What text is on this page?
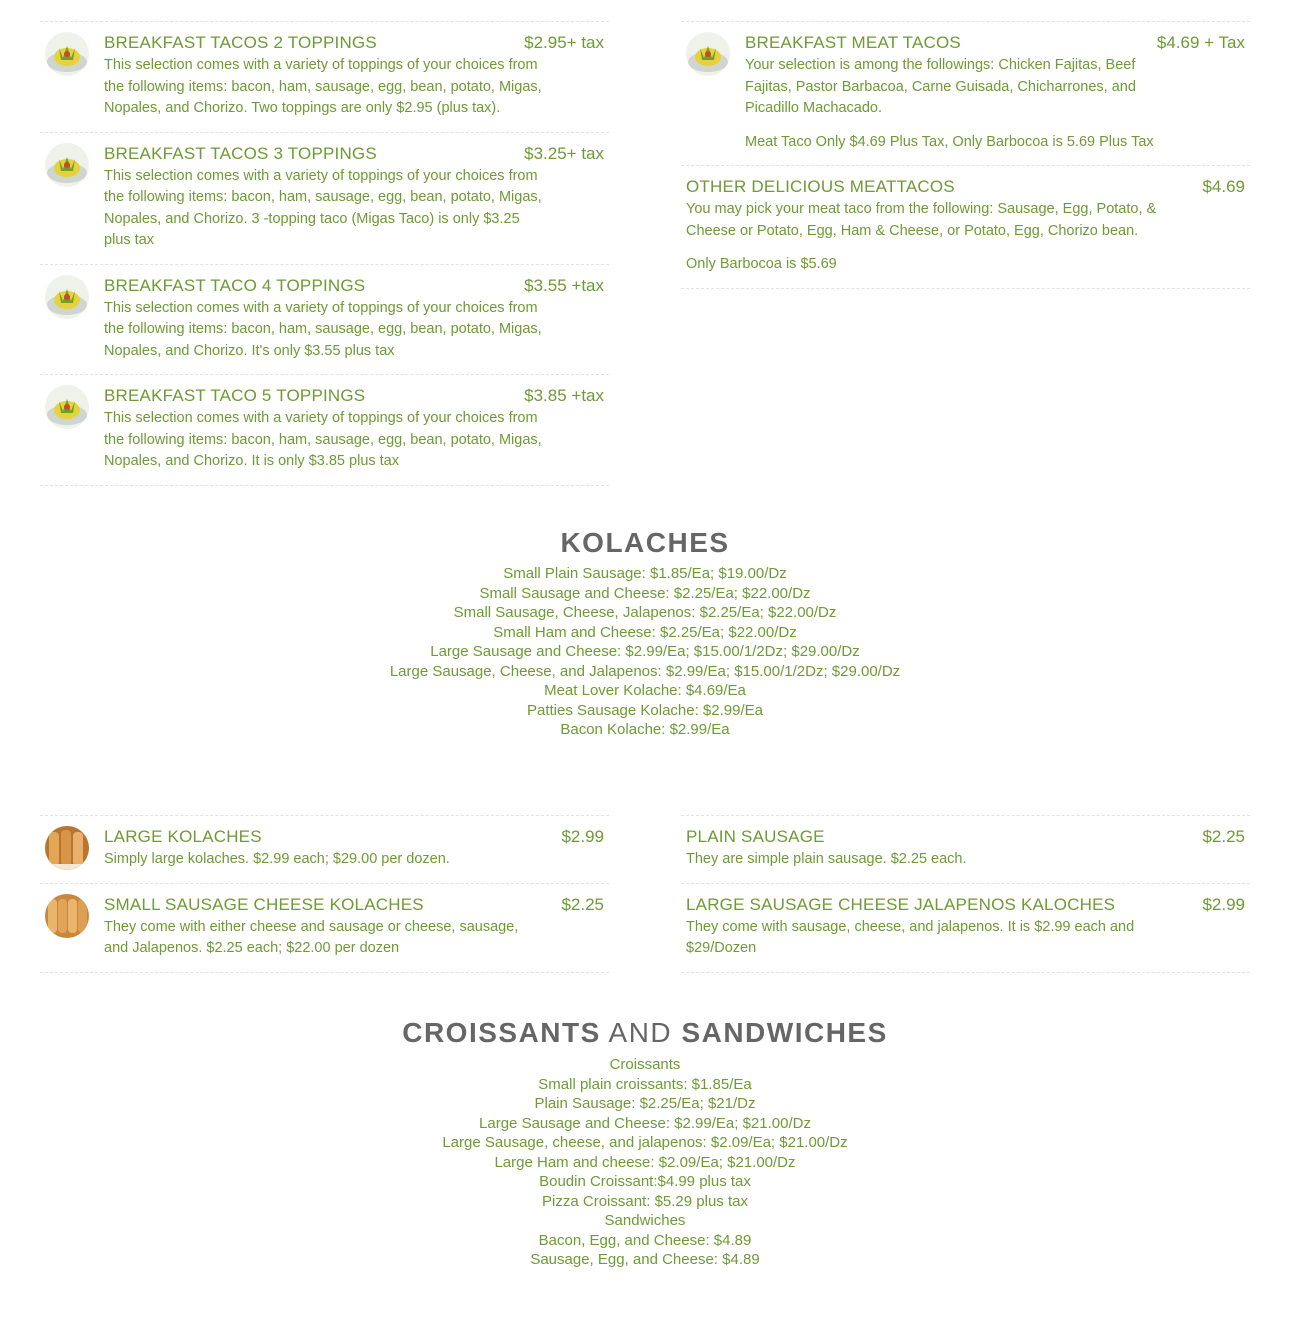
BREAKFAST TACOS 2 TOPPINGS	$2.95+ tax
This selection comes with a variety of toppings of your choices from the following items: bacon, ham, sausage, egg, bean, potato, Migas, Nopales, and Chorizo. Two toppings are only $2.95 (plus tax).
BREAKFAST TACOS 3 TOPPINGS	$3.25+ tax
This selection comes with a variety of toppings of your choices from the following items: bacon, ham, sausage, egg, bean, potato, Migas, Nopales, and Chorizo. 3 -topping taco (Migas Taco) is only $3.25 plus tax
BREAKFAST TACO 4 TOPPINGS	$3.55 +tax
This selection comes with a variety of toppings of your choices from the following items: bacon, ham, sausage, egg, bean, potato, Migas, Nopales, and Chorizo. It's only $3.55 plus tax
BREAKFAST TACO 5 TOPPINGS	$3.85 +tax
This selection comes with a variety of toppings of your choices from the following items: bacon, ham, sausage, egg, bean, potato, Migas, Nopales, and Chorizo. It is only $3.85 plus tax
BREAKFAST MEAT TACOS	$4.69 + Tax
Your selection is among the followings: Chicken Fajitas, Beef Fajitas, Pastor Barbacoa, Carne Guisada, Chicharrones, and Picadillo Machacado.
Meat Taco Only $4.69 Plus Tax, Only Barbocoa is 5.69 Plus Tax
OTHER DELICIOUS MEATTACOS	$4.69
You may pick your meat taco from the following: Sausage, Egg, Potato, & Cheese or Potato, Egg, Ham & Cheese, or Potato, Egg, Chorizo bean.
Only Barbocoa is $5.69
KOLACHES
Small Plain Sausage: $1.85/Ea; $19.00/Dz
Small Sausage and Cheese: $2.25/Ea; $22.00/Dz
Small Sausage, Cheese, Jalapenos: $2.25/Ea; $22.00/Dz
Small Ham and Cheese: $2.25/Ea; $22.00/Dz
Large Sausage and Cheese: $2.99/Ea; $15.00/1/2Dz; $29.00/Dz
Large Sausage, Cheese, and Jalapenos: $2.99/Ea; $15.00/1/2Dz; $29.00/Dz
Meat Lover Kolache: $4.69/Ea
Patties Sausage Kolache: $2.99/Ea
Bacon Kolache: $2.99/Ea
LARGE KOLACHES	$2.99
Simply large kolaches. $2.99 each; $29.00 per dozen.
SMALL SAUSAGE CHEESE KOLACHES	$2.25
They come with either cheese and sausage or cheese, sausage, and Jalapenos. $2.25 each; $22.00 per dozen
PLAIN SAUSAGE	$2.25
They are simple plain sausage. $2.25 each.
LARGE SAUSAGE CHEESE JALAPENOS KALOCHES	$2.99
They come with sausage, cheese, and jalapenos. It is $2.99 each and $29/Dozen
CROISSANTS AND SANDWICHES
Croissants
Small plain croissants: $1.85/Ea
Plain Sausage: $2.25/Ea; $21/Dz
Large Sausage and Cheese: $2.99/Ea; $21.00/Dz
Large Sausage, cheese, and jalapenos: $2.09/Ea; $21.00/Dz
Large Ham and cheese: $2.09/Ea; $21.00/Dz
Boudin Croissant:$4.99 plus tax
Pizza Croissant: $5.29 plus tax
Sandwiches
Bacon, Egg, and Cheese: $4.89
Sausage, Egg, and Cheese: $4.89
